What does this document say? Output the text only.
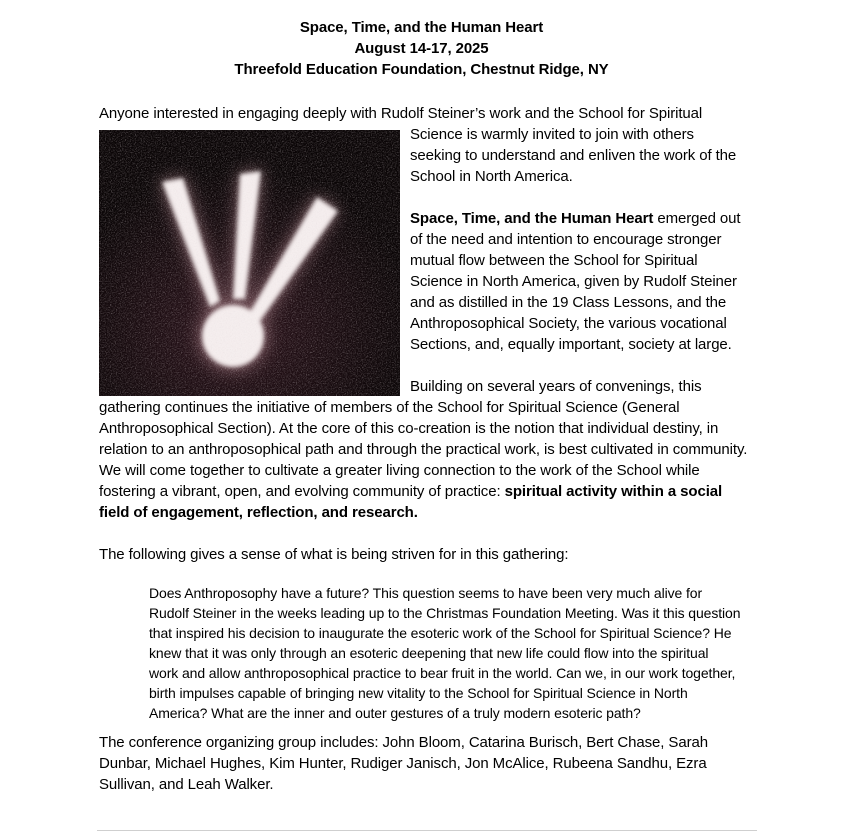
Space, Time, and the Human Heart
August 14-17, 2025
Threefold Education Foundation, Chestnut Ridge, NY

Anyone interested in engaging deeply with Rudolf Steiner’s work and the School for Spiritual Science is warmly invited to join with others seeking to understand and enliven the work of the School in North America.

Space, Time, and the Human Heart emerged out of the need and intention to encourage stronger mutual flow between the School for Spiritual Science in North America, given by Rudolf Steiner and as distilled in the 19 Class Lessons, and the Anthroposophical Society, the various vocational Sections, and, equally important, society at large.

Building on several years of convenings, this gathering continues the initiative of members of the School for Spiritual Science (General Anthroposophical Section). At the core of this co-creation is the notion that individual destiny, in relation to an anthroposophical path and through the practical work, is best cultivated in community. We will come together to cultivate a greater living connection to the work of the School while fostering a vibrant, open, and evolving community of practice: spiritual activity within a social field of engagement, reflection, and research.

The following gives a sense of what is being striven for in this gathering:

Does Anthroposophy have a future? This question seems to have been very much alive for Rudolf Steiner in the weeks leading up to the Christmas Foundation Meeting. Was it this question that inspired his decision to inaugurate the esoteric work of the School for Spiritual Science? He knew that it was only through an esoteric deepening that new life could flow into the spiritual work and allow anthroposophical practice to bear fruit in the world. Can we, in our work together, birth impulses capable of bringing new vitality to the School for Spiritual Science in North America? What are the inner and outer gestures of a truly modern esoteric path?

The conference organizing group includes: John Bloom, Catarina Burisch, Bert Chase, Sarah Dunbar, Michael Hughes, Kim Hunter, Rudiger Janisch, Jon McAlice, Rubeena Sandhu, Ezra Sullivan, and Leah Walker.
